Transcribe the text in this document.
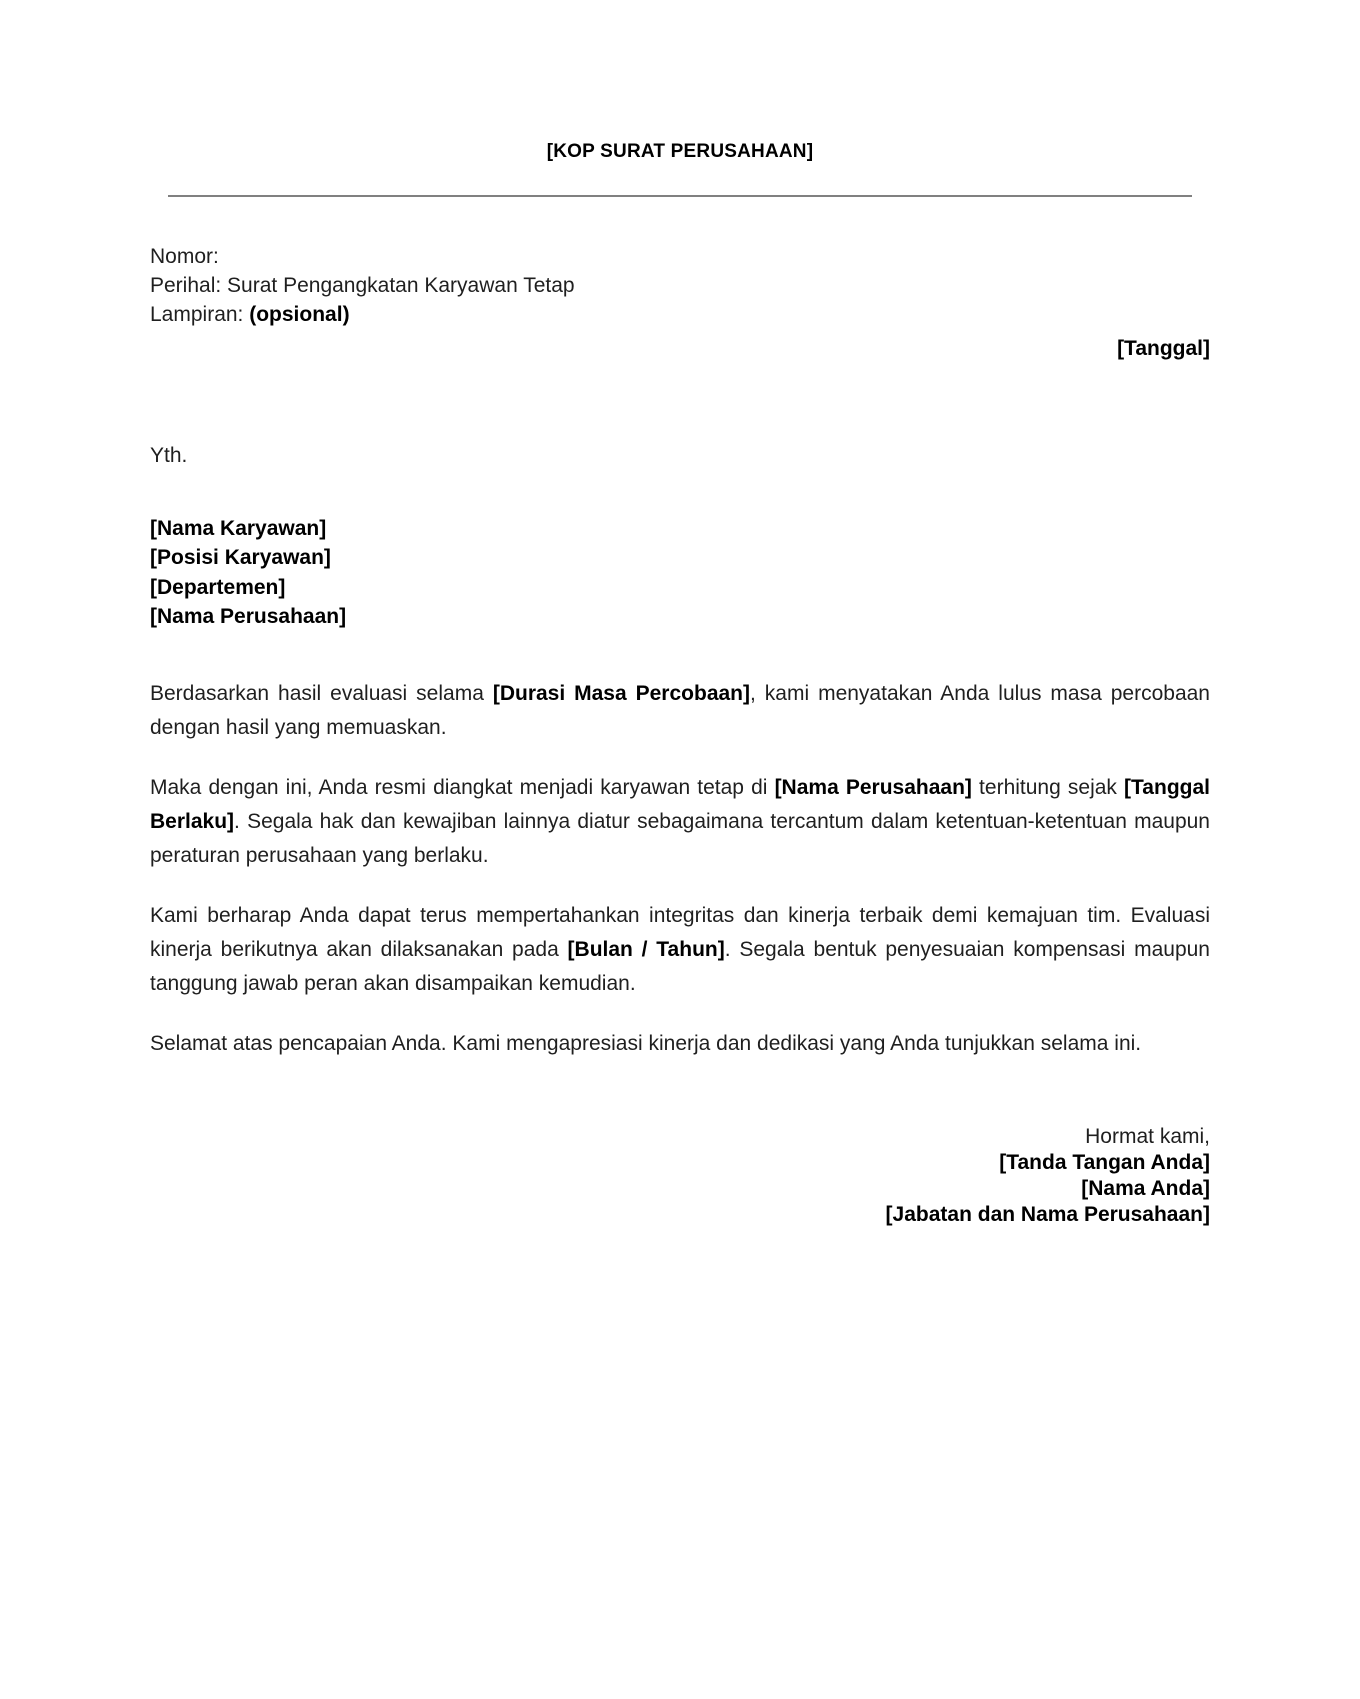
[KOP SURAT PERUSAHAAN]
Nomor:
Perihal: Surat Pengangkatan Karyawan Tetap
Lampiran: (opsional)
[Tanggal]
Yth.
[Nama Karyawan]
[Posisi Karyawan]
[Departemen]
[Nama Perusahaan]

Berdasarkan hasil evaluasi selama [Durasi Masa Percobaan], kami menyatakan Anda lulus masa percobaan dengan hasil yang memuaskan.

Maka dengan ini, Anda resmi diangkat menjadi karyawan tetap di [Nama Perusahaan] terhitung sejak [Tanggal Berlaku]. Segala hak dan kewajiban lainnya diatur sebagaimana tercantum dalam ketentuan-ketentuan maupun peraturan perusahaan yang berlaku.

Kami berharap Anda dapat terus mempertahankan integritas dan kinerja terbaik demi kemajuan tim. Evaluasi kinerja berikutnya akan dilaksanakan pada [Bulan / Tahun]. Segala bentuk penyesuaian kompensasi maupun tanggung jawab peran akan disampaikan kemudian.

Selamat atas pencapaian Anda. Kami mengapresiasi kinerja dan dedikasi yang Anda tunjukkan selama ini.

Hormat kami,
[Tanda Tangan Anda]
[Nama Anda]
[Jabatan dan Nama Perusahaan]
